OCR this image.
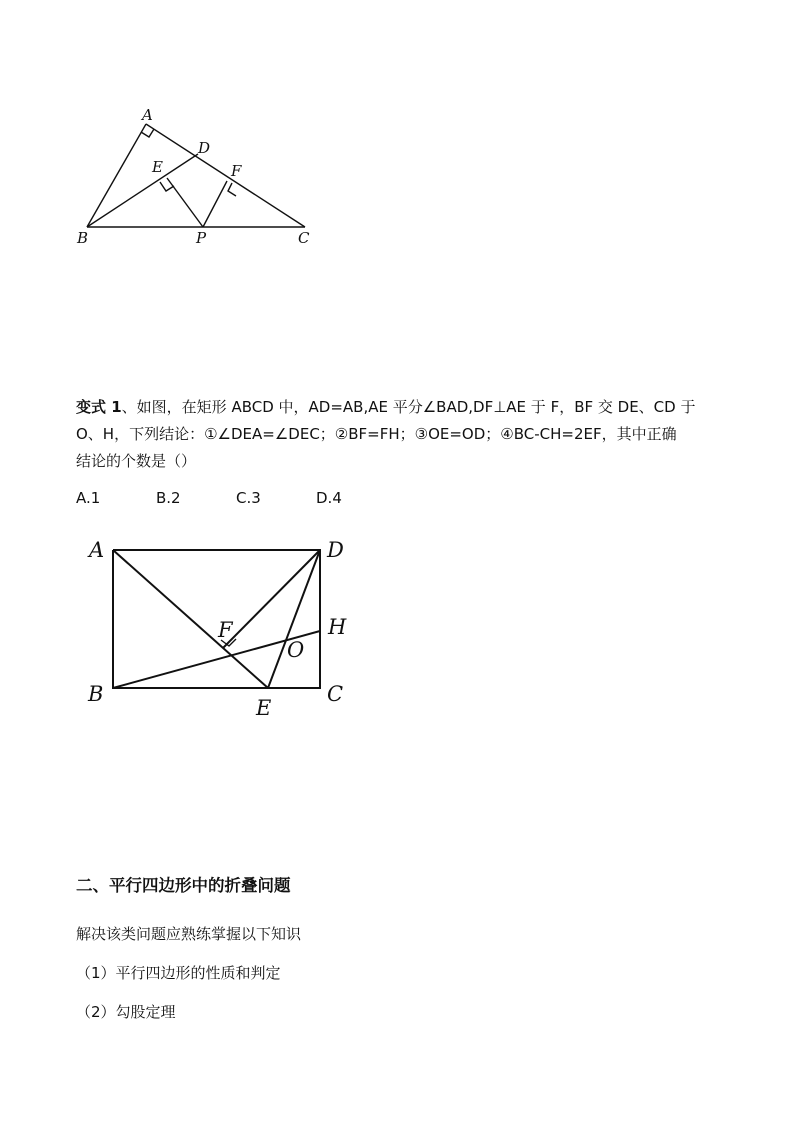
A
D
E	F
B	P	C
变式 1、如图，在矩形 ABCD 中，AD=AB,AE 平分∠BAD,DF⊥AE 于 F，BF 交 DE、CD 于
O、H，下列结论：①∠DEA=∠DEC；②BF=FH；③OE=OD；④BC-CH=2EF，其中正确
结论的个数是（）
A.1	B.2	C.3	D.4
A	D
F	H
O
B
E
C
二、平行四边形中的折叠问题
解决该类问题应熟练掌握以下知识
（1）平行四边形的性质和判定
（2）勾股定理
